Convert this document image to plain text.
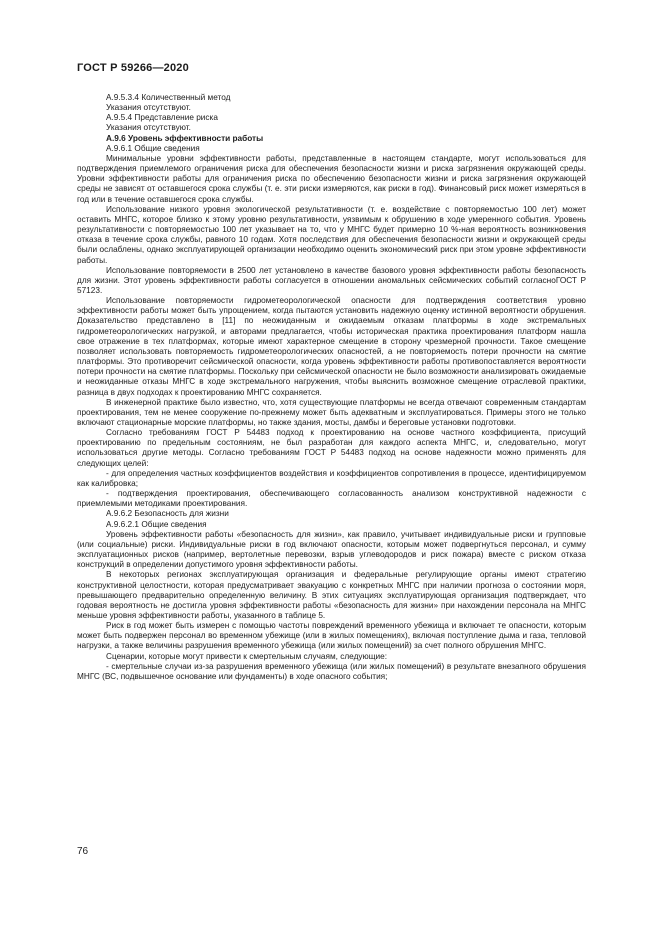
ГОСТ Р 59266—2020

А.9.5.3.4 Количественный метод

Указания отсутствуют.

А.9.5.4 Представление риска

Указания отсутствуют.

А.9.6 Уровень эффективности работы

А.9.6.1 Общие сведения

Минимальные уровни эффективности работы, представленные в настоящем стандарте, могут использоваться для подтверждения приемлемого ограничения риска для обеспечения безопасности жизни и риска загрязнения окружающей среды. Уровни эффективности работы для ограничения риска по обеспечению безопасности жизни и риска загрязнения окружающей среды не зависят от оставшегося срока службы (т. е. эти риски измеряются, как риски в год). Финансовый риск может измеряться в год или в течение оставшегося срока службы.

Использование низкого уровня экологической результативности (т. е. воздействие с повторяемостью 100 лет) может оставить МНГС, которое близко к этому уровню результативности, уязвимым к обрушению в ходе умеренного события. Уровень результативности с повторяемостью 100 лет указывает на то, что у МНГС будет примерно 10 %-ная вероятность возникновения отказа в течение срока службы, равного 10 годам. Хотя последствия для обеспечения безопасности жизни и окружающей среды были ослаблены, однако эксплуатирующей организации необходимо оценить экономический риск при этом уровне эффективности работы.

Использование повторяемости в 2500 лет установлено в качестве базового уровня эффективности работы безопасность для жизни. Этот уровень эффективности работы согласуется в отношении аномальных сейсмических событий согласноГОСТ Р 57123.

Использование повторяемости гидрометеорологической опасности для подтверждения соответствия уровню эффективности работы может быть упрощением, когда пытаются установить надежную оценку истинной вероятности обрушения. Доказательство представлено в [11] по неожиданным и ожидаемым отказам платформы в ходе экстремальных гидрометеорологических нагрузкой, и авторами предлагается, чтобы историческая практика проектирования платформ нашла свое отражение в тех платформах, которые имеют характерное смещение в сторону чрезмерной прочности. Такое смещение позволяет использовать повторяемость гидрометеорологических опасностей, а не повторяемость потери прочности на смятие платформы. Это противоречит сейсмической опасности, когда уровень эффективности работы противопоставляется вероятности потери прочности на смятие платформы. Поскольку при сейсмической опасности не было возможности анализировать ожидаемые и неожиданные отказы МНГС в ходе экстремального нагружения, чтобы выяснить возможное смещение отраслевой практики, разница в двух подходах к проектированию МНГС сохраняется.

В инженерной практике было известно, что, хотя существующие платформы не всегда отвечают современным стандартам проектирования, тем не менее сооружение по-прежнему может быть адекватным и эксплуатироваться. Примеры этого не только включают стационарные морские платформы, но также здания, мосты, дамбы и береговые установки подготовки.

Согласно требованиям ГОСТ Р 54483 подход к проектированию на основе частного коэффициента, присущий проектированию по предельным состояниям, не был разработан для каждого аспекта МНГС, и, следовательно, могут использоваться другие методы. Согласно требованиям ГОСТ Р 54483 подход на основе надежности можно применять для следующих целей:

- для определения частных коэффициентов воздействия и коэффициентов сопротивления в процессе, идентифицируемом как калибровка;

- подтверждения проектирования, обеспечивающего согласованность анализом конструктивной надежности с приемлемыми методиками проектирования.

А.9.6.2 Безопасность для жизни

А.9.6.2.1 Общие сведения

Уровень эффективности работы «безопасность для жизни», как правило, учитывает индивидуальные риски и групповые (или социальные) риски. Индивидуальные риски в год включают опасности, которым может подвергнуться персонал, и сумму эксплуатационных рисков (например, вертолетные перевозки, взрыв углеводородов и риск пожара) вместе с риском отказа конструкций в определении допустимого уровня эффективности работы.

В некоторых регионах эксплуатирующая организация и федеральные регулирующие органы имеют стратегию конструктивной целостности, которая предусматривает эвакуацию с конкретных МНГС при наличии прогноза о состоянии моря, превышающего предварительно определенную величину. В этих ситуациях эксплуатирующая организация подтверждает, что годовая вероятность не достигла уровня эффективности работы «безопасность для жизни» при нахождении персонала на МНГС меньше уровня эффективности работы, указанного в таблице 5.

Риск в год может быть измерен с помощью частоты повреждений временного убежища и включает те опасности, которым может быть подвержен персонал во временном убежище (или в жилых помещениях), включая поступление дыма и газа, тепловой нагрузки, а также величины разрушения временного убежища (или жилых помещений) за счет полного обрушения МНГС.

Сценарии, которые могут привести к смертельным случаям, следующие:

- смертельные случаи из-за разрушения временного убежища (или жилых помещений) в результате внезапного обрушения МНГС (ВС, подвышечное основание или фундаменты) в ходе опасного события;

76
